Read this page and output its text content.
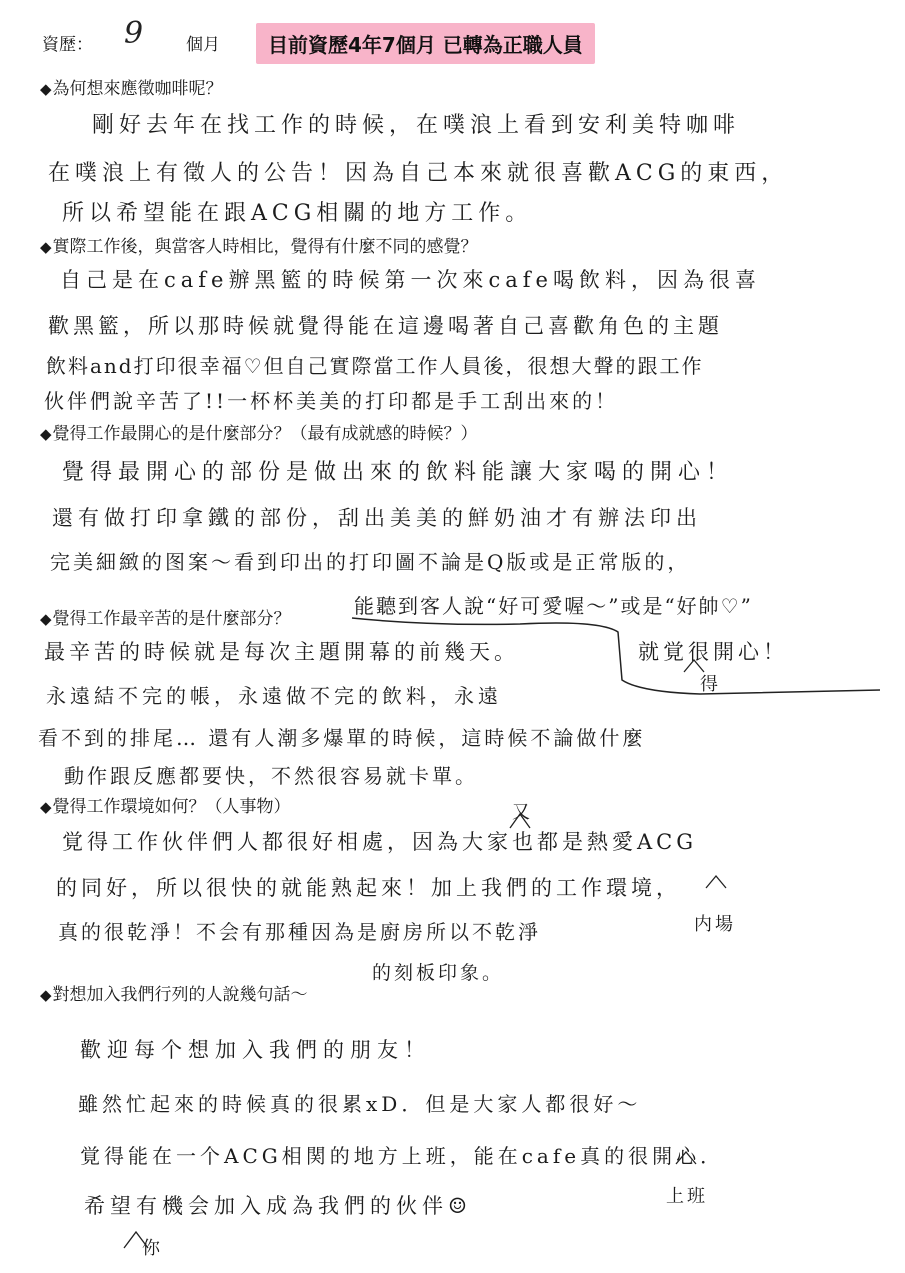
資歷： 9	個月	目前資歷4年7個月 已轉為正職人員
◆為何想來應徵咖啡呢？
剛好去年在找工作的時候，在噗浪上看到安利美特咖啡
在噗浪上有徵人的公告！因為自己本來就很喜歡ACG的東西，
所以希望能在跟ACG相關的地方工作。
◆實際工作後，與當客人時相比，覺得有什麼不同的感覺？
自己是在cafe辦黑籃的時候第一次來cafe喝飲料，因為很喜
歡黑籃，所以那時候就覺得能在這邊喝著自己喜歡角色的主題
飲料and打印很幸福♡但自己實際當工作人員後，很想大聲的跟工作
伙伴們說辛苦了!!一杯杯美美的打印都是手工刮出來的！
◆覺得工作最開心的是什麼部分？（最有成就感的時候？）
覺得最開心的部份是做出來的飲料能讓大家喝的開心！
還有做打印拿鐵的部份，刮出美美的鮮奶油才有辦法印出
完美細緻的图案～看到印出的打印圖不論是Q版或是正常版的，
能聽到客人說“好可愛喔～”或是“好帥♡”
就覚很開心！
得
◆覺得工作最辛苦的是什麼部分？
最辛苦的時候就是每次主題開幕的前幾天。
永遠結不完的帳，永遠做不完的飲料，永遠
看不到的排尾… 還有人潮多爆單的時候，這時候不論做什麼
動作跟反應都要快，不然很容易就卡單。
◆覺得工作環境如何？（人事物）
覚得工作伙伴們人都很好相處，因為大家也都是熱愛ACG
的同好，所以很快的就能熟起來！加上我們的工作環境，
真的很乾淨！不会有那種因為是廚房所以不乾淨
的刻板印象。
又
内場
◆對想加入我們行列的人說幾句話～
歡迎每个想加入我們的朋友！
雖然忙起來的時候真的很累xD．但是大家人都很好～
覚得能在一个ACG相関的地方上班，能在cafe真的很開心．
希望有機会加入成為我們的伙伴☺	上班
你
